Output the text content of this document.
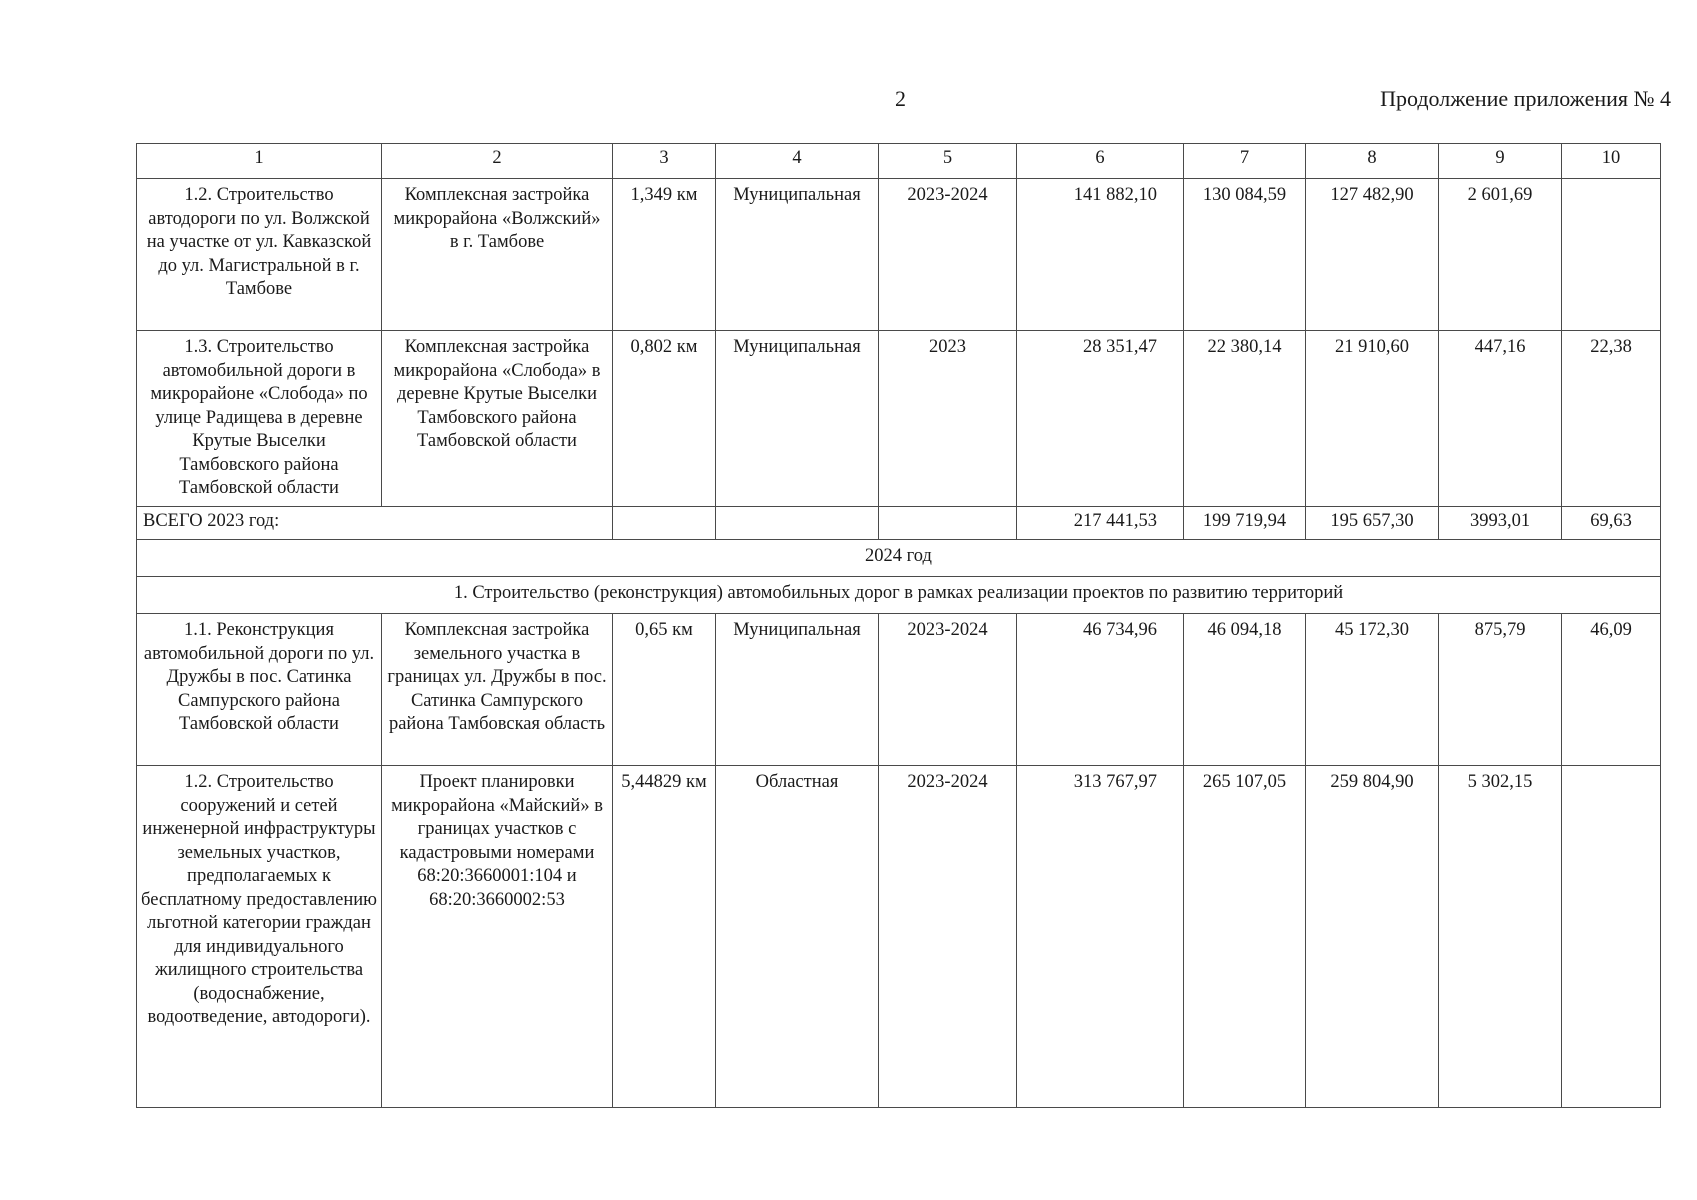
2	Продолжение приложения № 4
1	2	3	4	5	6	7	8	9	10
1.2. Строительство автодороги по ул. Волжской на участке от ул. Кавказской до ул. Магистральной в г. Тамбове	Комплексная застройка микрорайона «Волжский» в г. Тамбове	1,349 км	Муниципальная	2023-2024	141 882,10	130 084,59	127 482,90	2 601,69	
1.3. Строительство автомобильной дороги в микрорайоне «Слобода» по улице Радищева в деревне Крутые Выселки Тамбовского района Тамбовской области	Комплексная застройка микрорайона «Слобода» в деревне Крутые Выселки Тамбовского района Тамбовской области	0,802 км	Муниципальная	2023	28 351,47	22 380,14	21 910,60	447,16	22,38
ВСЕГО 2023 год:					217 441,53	199 719,94	195 657,30	3993,01	69,63
2024 год									
1. Строительство (реконструкция) автомобильных дорог в рамках реализации проектов по развитию территорий									
1.1. Реконструкция автомобильной дороги по ул. Дружбы в пос. Сатинка Сампурского района Тамбовской области	Комплексная застройка земельного участка в границах ул. Дружбы в пос. Сатинка Сампурского района Тамбовская область	0,65 км	Муниципальная	2023-2024	46 734,96	46 094,18	45 172,30	875,79	46,09
1.2. Строительство сооружений и сетей инженерной инфраструктуры земельных участков, предполагаемых к бесплатному предоставлению льготной категории граждан для индивидуального жилищного строительства (водоснабжение, водоотведение, автодороги).	Проект планировки микрорайона «Майский» в границах участков с кадастровыми номерами 68:20:3660001:104 и 68:20:3660002:53	5,44829 км	Областная	2023-2024	313 767,97	265 107,05	259 804,90	5 302,15	
